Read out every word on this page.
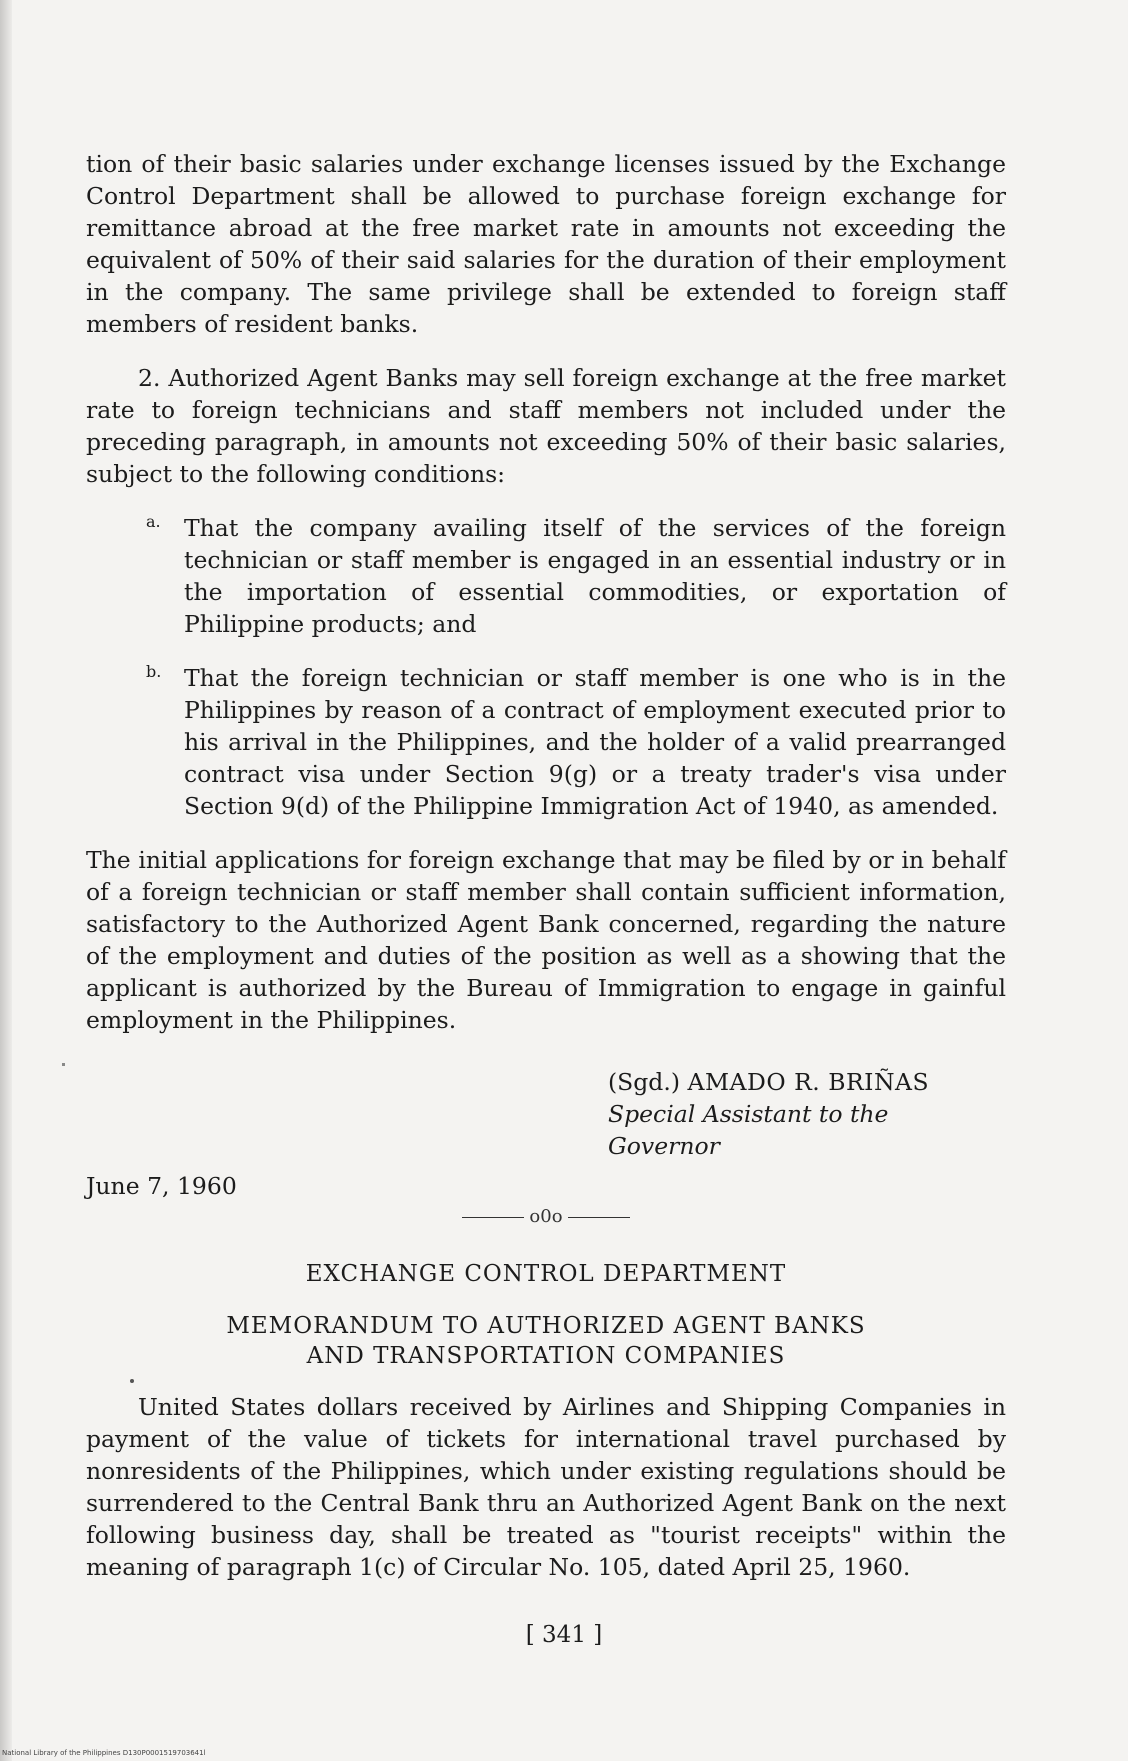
tion of their basic salaries under exchange licenses issued by the Exchange Control Department shall be allowed to purchase foreign exchange for remittance abroad at the free market rate in amounts not exceeding the equivalent of 50% of their said salaries for the duration of their employment in the company. The same privilege shall be extended to foreign staff members of resident banks.

2. Authorized Agent Banks may sell foreign exchange at the free market rate to foreign technicians and staff members not included under the preceding paragraph, in amounts not exceeding 50% of their basic salaries, subject to the following conditions:

a. That the company availing itself of the services of the foreign technician or staff member is engaged in an essential industry or in the importation of essential commodities, or exportation of Philippine products; and

b. That the foreign technician or staff member is one who is in the Philippines by reason of a contract of employment executed prior to his arrival in the Philippines, and the holder of a valid prearranged contract visa under Section 9(g) or a treaty trader's visa under Section 9(d) of the Philippine Immigration Act of 1940, as amended.

The initial applications for foreign exchange that may be filed by or in behalf of a foreign technician or staff member shall contain sufficient information, satisfactory to the Authorized Agent Bank concerned, regarding the nature of the employment and duties of the position as well as a showing that the applicant is authorized by the Bureau of Immigration to engage in gainful employment in the Philippines.

(Sgd.) AMADO R. BRIÑAS
Special Assistant to the Governor
June 7, 1960
o0o
EXCHANGE CONTROL DEPARTMENT
MEMORANDUM TO AUTHORIZED AGENT BANKS
AND TRANSPORTATION COMPANIES

United States dollars received by Airlines and Shipping Companies in payment of the value of tickets for international travel purchased by nonresidents of the Philippines, which under existing regulations should be surrendered to the Central Bank thru an Authorized Agent Bank on the next following business day, shall be treated as "tourist receipts" within the meaning of paragraph 1(c) of Circular No. 105, dated April 25, 1960.

[ 341 ]
National Library of the Philippines D130P0001519703641l
